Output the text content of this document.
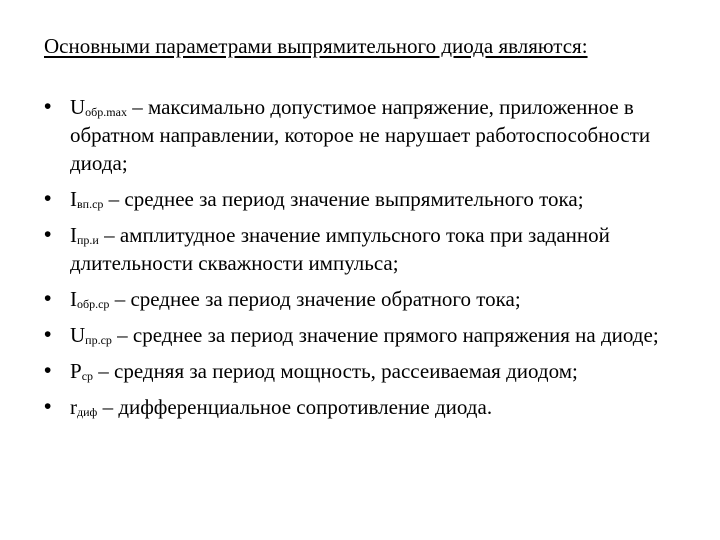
Основными параметрами выпрямительного диода являются:
• Uобр.max – максимально допустимое напряжение, приложенное в обратном направлении, которое не нарушает работоспособности диода;
• Iвп.ср – среднее за период значение выпрямительного тока;
• Iпр.и – амплитудное значение импульсного тока при заданной длительности скважности импульса;
• Iобр.ср – среднее за период значение обратного тока;
• Uпр.ср – среднее за период значение прямого напряжения на диоде;
• Pср – средняя за период мощность, рассеиваемая диодом;
• rдиф – дифференциальное сопротивление диода.
